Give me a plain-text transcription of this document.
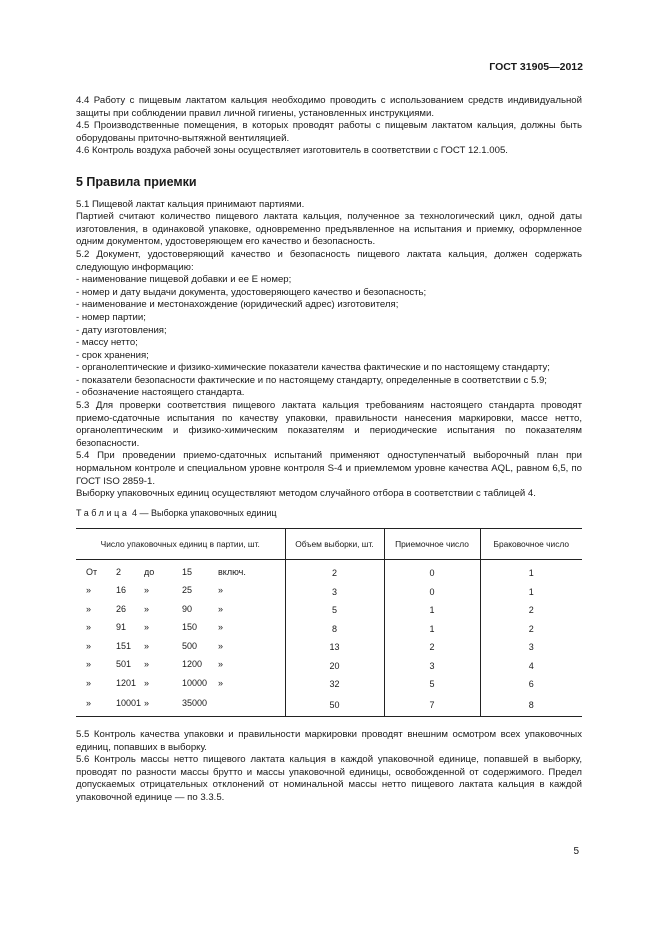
ГОСТ 31905—2012

4.4 Работу с пищевым лактатом кальция необходимо проводить с использованием средств индивидуальной защиты при соблюдении правил личной гигиены, установленных инструкциями.

4.5 Производственные помещения, в которых проводят работы с пищевым лактатом кальция, должны быть оборудованы приточно-вытяжной вентиляцией.

4.6 Контроль воздуха рабочей зоны осуществляет изготовитель в соответствии с ГОСТ 12.1.005.

5 Правила приемки

5.1 Пищевой лактат кальция принимают партиями.

Партией считают количество пищевого лактата кальция, полученное за технологический цикл, одной даты изготовления, в одинаковой упаковке, одновременно предъявленное на испытания и приемку, оформленное одним документом, удостоверяющем его качество и безопасность.

5.2 Документ, удостоверяющий качество и безопасность пищевого лактата кальция, должен содержать следующую информацию:

- наименование пищевой добавки и ее Е номер;

- номер и дату выдачи документа, удостоверяющего качество и безопасность;

- наименование и местонахождение (юридический адрес) изготовителя;

- номер партии;

- дату изготовления;

- массу нетто;

- срок хранения;

- органолептические и физико-химические показатели качества фактические и по настоящему стандарту;

- показатели безопасности фактические и по настоящему стандарту, определенные в соответствии с 5.9;

- обозначение настоящего стандарта.

5.3 Для проверки соответствия пищевого лактата кальция требованиям настоящего стандарта проводят приемо-сдаточные испытания по качеству упаковки, правильности нанесения маркировки, массе нетто, органолептическим и физико-химическим показателям и периодические испытания по показателям безопасности.

5.4 При проведении приемо-сдаточных испытаний применяют одноступенчатый выборочный план при нормальном контроле и специальном уровне контроля S-4 и приемлемом уровне качества AQL, равном 6,5, по ГОСТ ISO 2859-1.

Выборку упаковочных единиц осуществляют методом случайного отбора в соответствии с таблицей 4.

Таблица 4 — Выборка упаковочных единиц
Число упаковочных единиц в партии, шт.	Объем выборки, шт.	Приемочное число	Браковочное число

От 2 до 15 включ.	2	0	1

» 16 » 25 »	3	0	1

» 26 » 90 »	5	1	2

» 91 » 150 »	8	1	2

» 151 » 500 »	13	2	3

» 501 » 1200 »	20	3	4

» 1201 » 10000 »	32	5	6

» 10001 » 35000	50	7	8

5.5 Контроль качества упаковки и правильности маркировки проводят внешним осмотром всех упаковочных единиц, попавших в выборку.

5.6 Контроль массы нетто пищевого лактата кальция в каждой упаковочной единице, попавшей в выборку, проводят по разности массы брутто и массы упаковочной единицы, освобожденной от содержимого. Предел допускаемых отрицательных отклонений от номинальной массы нетто пищевого лактата кальция в каждой упаковочной единице — по 3.3.5.

5
